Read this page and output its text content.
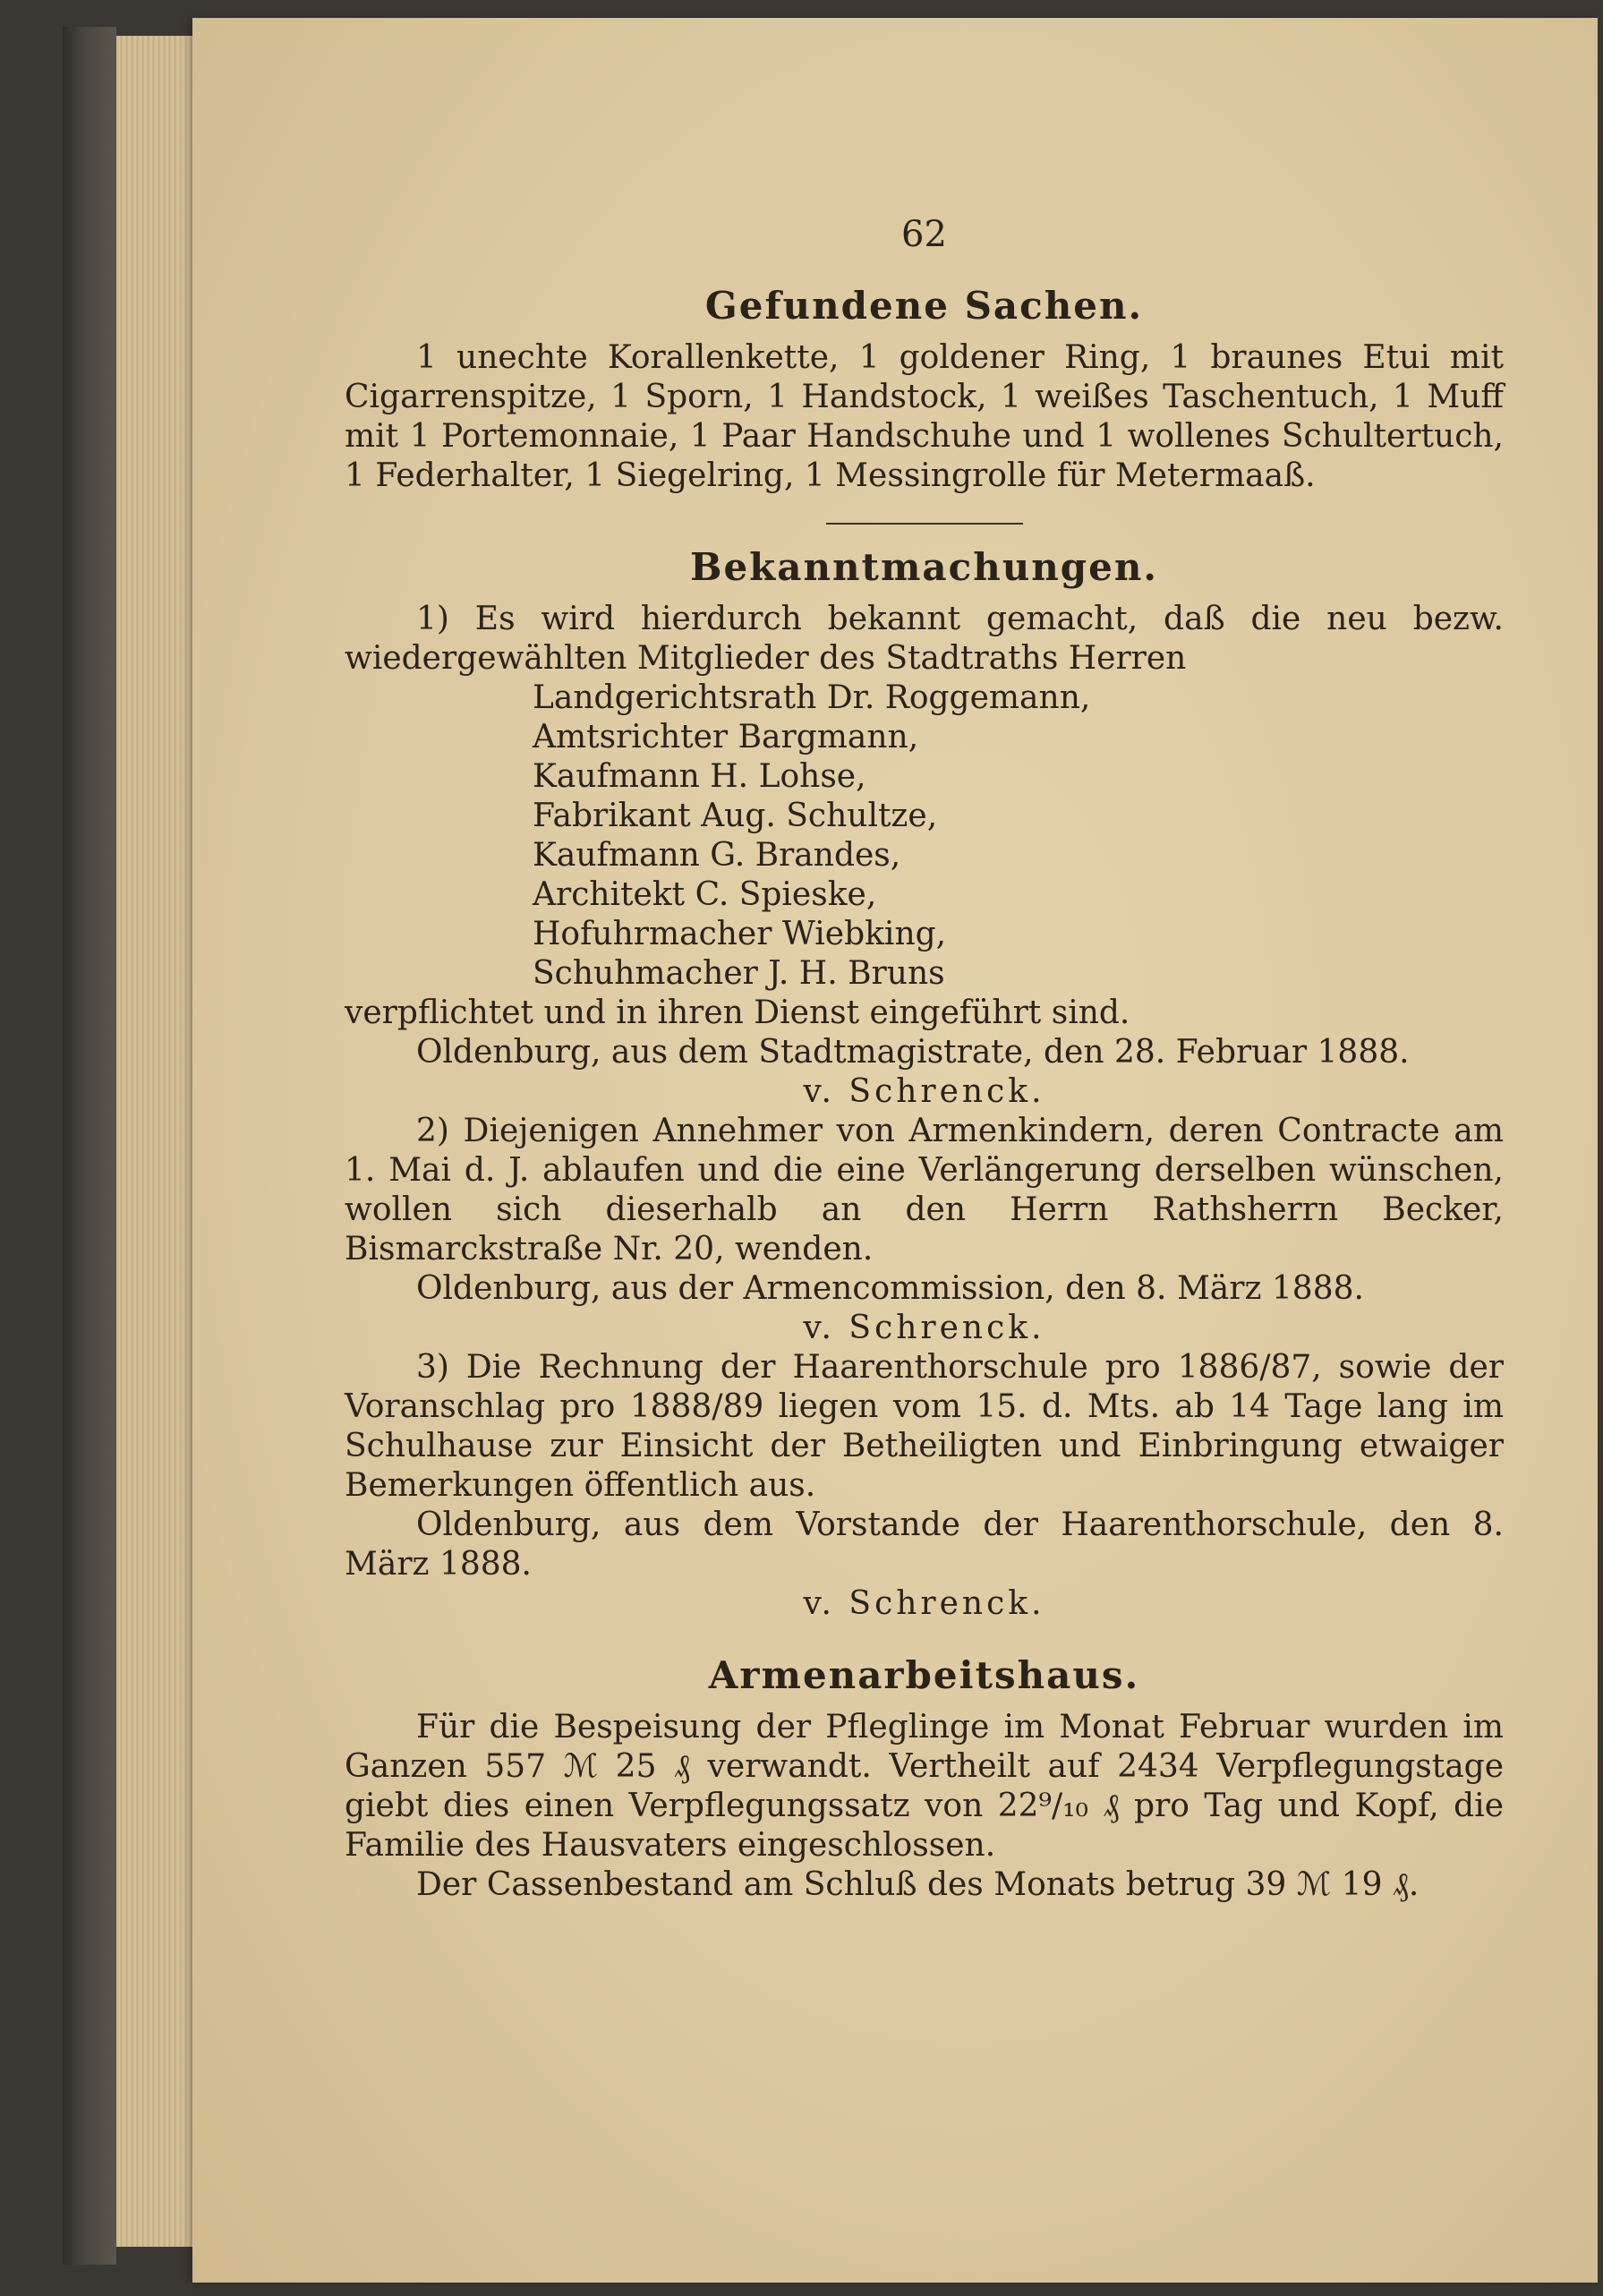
62
Gefundene Sachen.

1 unechte Korallenkette, 1 goldener Ring, 1 braunes Etui mit Cigarrenspitze, 1 Sporn, 1 Handstock, 1 weißes Taschentuch, 1 Muff mit 1 Portemonnaie, 1 Paar Handschuhe und 1 wollenes Schultertuch, 1 Federhalter, 1 Siegelring, 1 Messingrolle für Metermaaß.

Bekanntmachungen.

1) Es wird hierdurch bekannt gemacht, daß die neu bezw. wiedergewählten Mitglieder des Stadtraths Herren

Landgerichtsrath Dr. Roggemann,
Amtsrichter Bargmann,
Kaufmann H. Lohse,
Fabrikant Aug. Schultze,
Kaufmann G. Brandes,
Architekt C. Spieske,
Hofuhrmacher Wiebking,
Schuhmacher J. H. Bruns

verpflichtet und in ihren Dienst eingeführt sind.

Oldenburg, aus dem Stadtmagistrate, den 28. Februar 1888.

v. Schrenck.

2) Diejenigen Annehmer von Armenkindern, deren Contracte am 1. Mai d. J. ablaufen und die eine Verlängerung derselben wünschen, wollen sich dieserhalb an den Herrn Rathsherrn Becker, Bismarckstraße Nr. 20, wenden.

Oldenburg, aus der Armencommission, den 8. März 1888.

v. Schrenck.

3) Die Rechnung der Haarenthorschule pro 1886/87, sowie der Voranschlag pro 1888/89 liegen vom 15. d. Mts. ab 14 Tage lang im Schulhause zur Einsicht der Betheiligten und Einbringung etwaiger Bemerkungen öffentlich aus.

Oldenburg, aus dem Vorstande der Haarenthorschule, den 8. März 1888.

v. Schrenck.

Armenarbeitshaus.

Für die Bespeisung der Pfleglinge im Monat Februar wurden im Ganzen 557 ℳ 25 ₰ verwandt. Vertheilt auf 2434 Verpflegungstage giebt dies einen Verpflegungssatz von 22⁹/₁₀ ₰ pro Tag und Kopf, die Familie des Hausvaters eingeschlossen.

Der Cassenbestand am Schluß des Monats betrug 39 ℳ 19 ₰.
